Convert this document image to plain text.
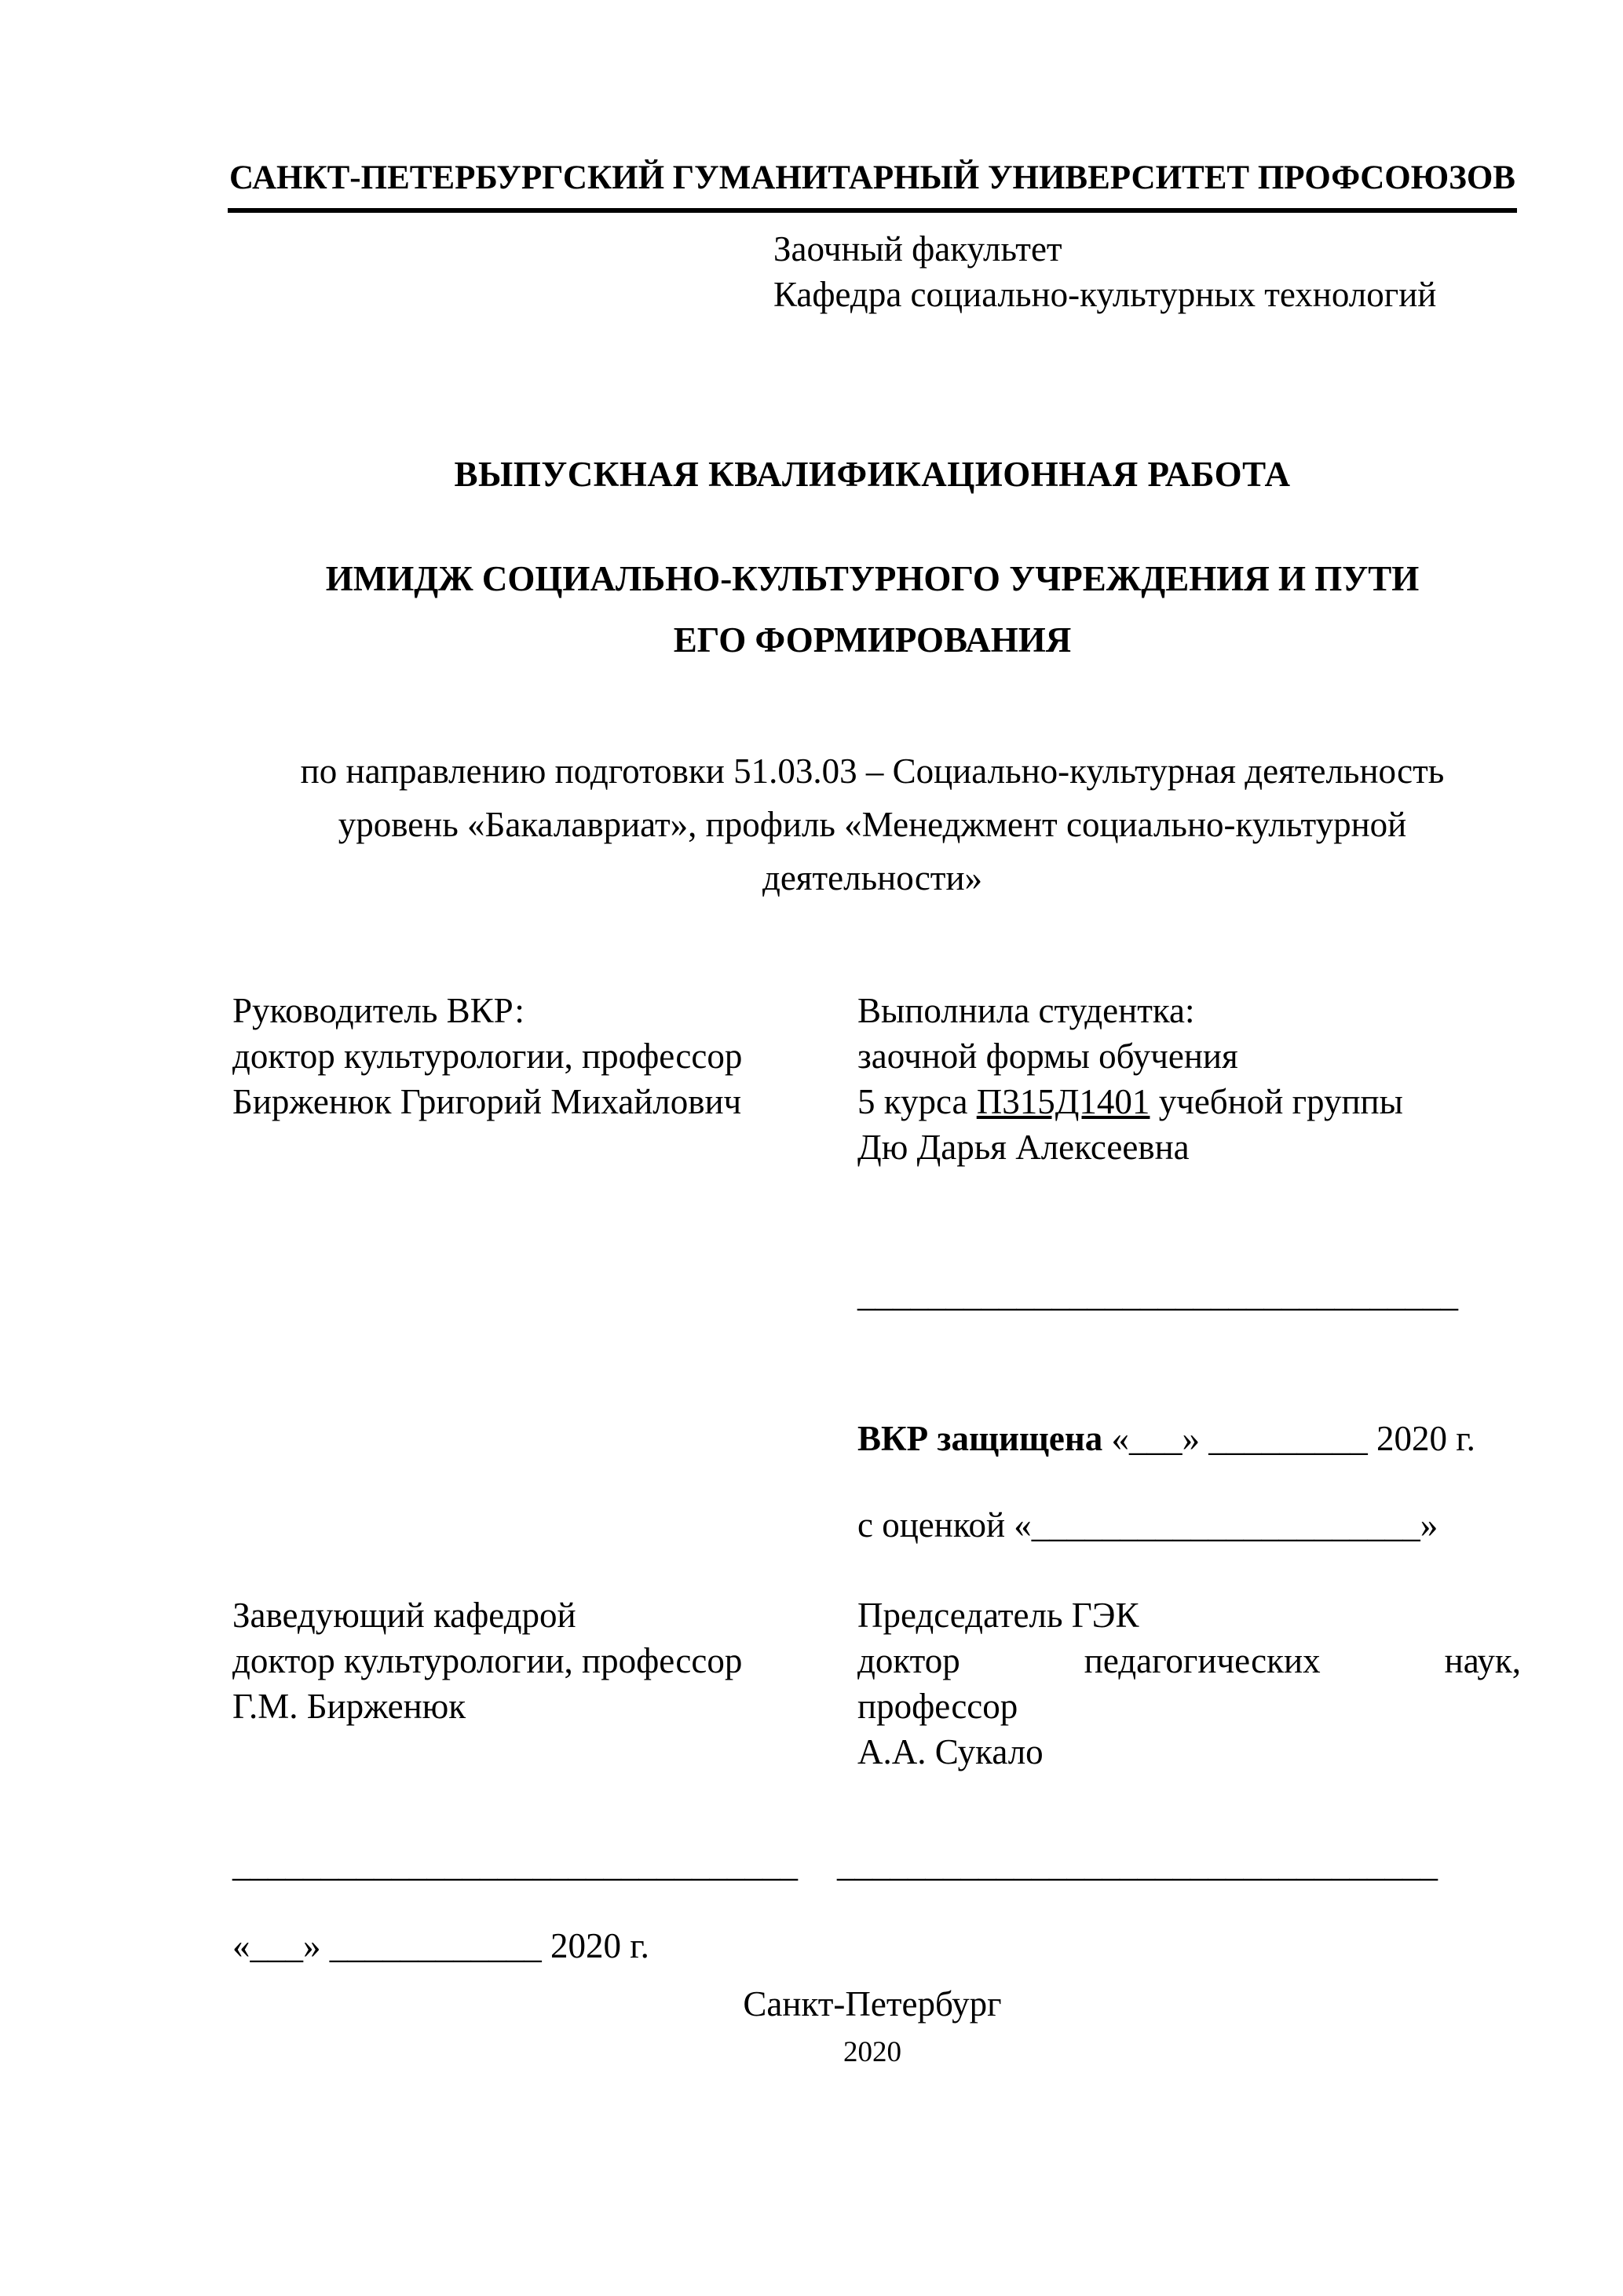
САНКТ-ПЕТЕРБУРГСКИЙ ГУМАНИТАРНЫЙ УНИВЕРСИТЕТ ПРОФСОЮЗОВ
Заочный факультет
Кафедра социально-культурных технологий
ВЫПУСКНАЯ КВАЛИФИКАЦИОННАЯ РАБОТА
ИМИДЖ СОЦИАЛЬНО-КУЛЬТУРНОГО УЧРЕЖДЕНИЯ И ПУТИ
ЕГО ФОРМИРОВАНИЯ
по направлению подготовки 51.03.03 – Социально-культурная деятельность
уровень «Бакалавриат», профиль «Менеджмент социально-культурной
деятельности»
Руководитель ВКР:
доктор культурологии, профессор
Бирженюк Григорий Михайлович
Выполнила студентка:
заочной формы обучения
5 курса П315Д1401 учебной группы
Дю Дарья Алексеевна
__________________________________
ВКР защищена «___» _________ 2020 г.
с оценкой «______________________»
Заведующий кафедрой
доктор культурологии, профессор
Г.М. Бирженюк
Председатель ГЭК
доктор	педагогических	наук,
профессор
А.А. Сукало
________________________________ __________________________________
«___» ____________ 2020 г.
Санкт-Петербург
2020
